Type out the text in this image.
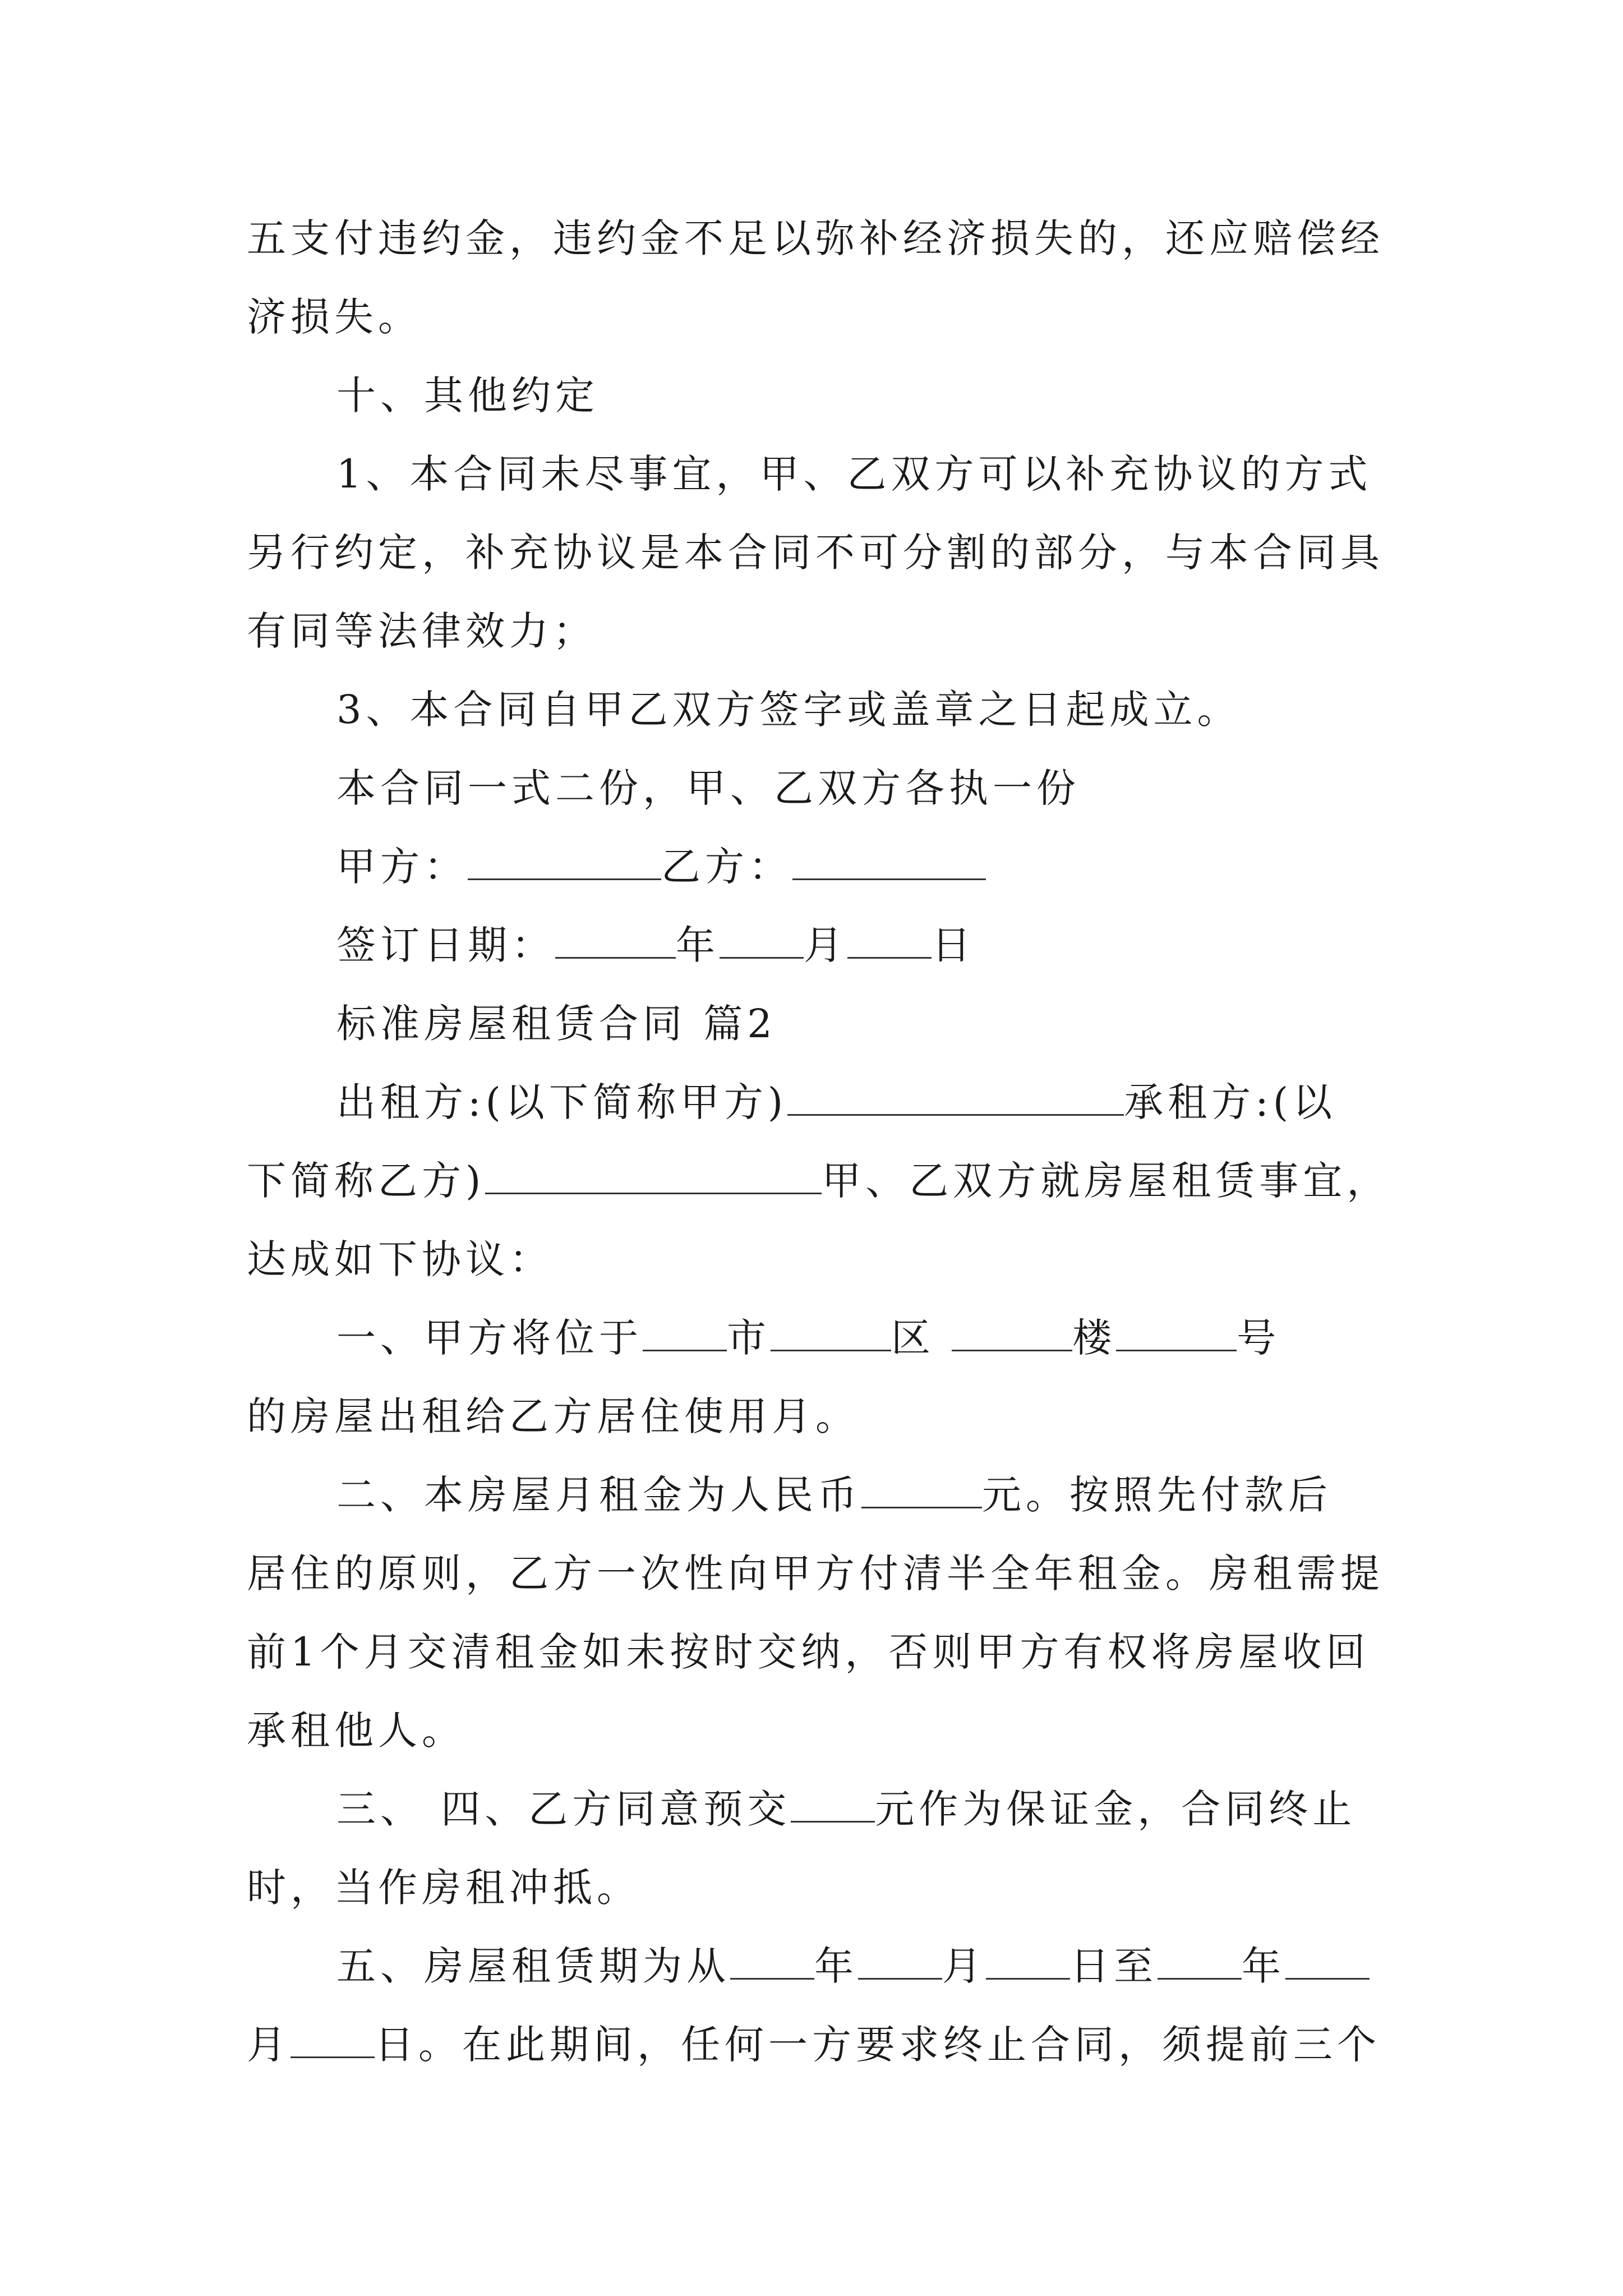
五支付违约金，违约金不足以弥补经济损失的，还应赔偿经
济损失。
十、其他约定
1、本合同未尽事宜，甲、乙双方可以补充协议的方式
另行约定，补充协议是本合同不可分割的部分，与本合同具
有同等法律效力；
3、本合同自甲乙双方签字或盖章之日起成立。
本合同一式二份，甲、乙双方各执一份
甲方：	乙方：
签订日期：	年 月 日
标准房屋租赁合同 篇2
出租方:(以下简称甲方)	承租方:(以
下简称乙方)	甲、乙双方就房屋租赁事宜，
达成如下协议：
一、甲方将位于 市	区	楼	号
的房屋出租给乙方居住使用月。
二、本房屋月租金为人民币	元。按照先付款后
居住的原则，乙方一次性向甲方付清半全年租金。房租需提
前1个月交清租金如未按时交纳，否则甲方有权将房屋收回
承租他人。
三、 四、乙方同意预交 元作为保证金，合同终止
时，当作房租冲抵。
五、房屋租赁期为从 年 月 日至 年
月 日。在此期间，任何一方要求终止合同，须提前三个
